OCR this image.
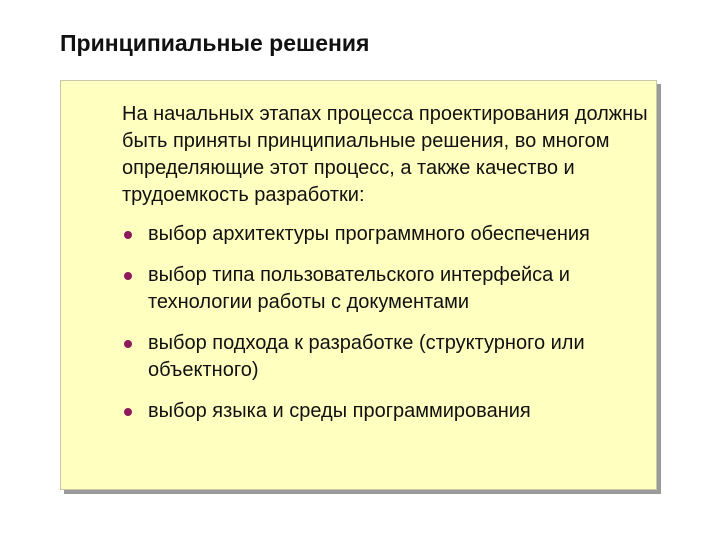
Принципиальные решения

На начальных этапах процесса проектирования должны быть приняты принципиальные решения, во многом определяющие этот процесс, а также качество и трудоемкость разработки:

выбор архитектуры программного обеспечения
выбор типа пользовательского интерфейса и технологии работы с документами
выбор подхода к разработке (структурного или объектного)
выбор языка и среды программирования
